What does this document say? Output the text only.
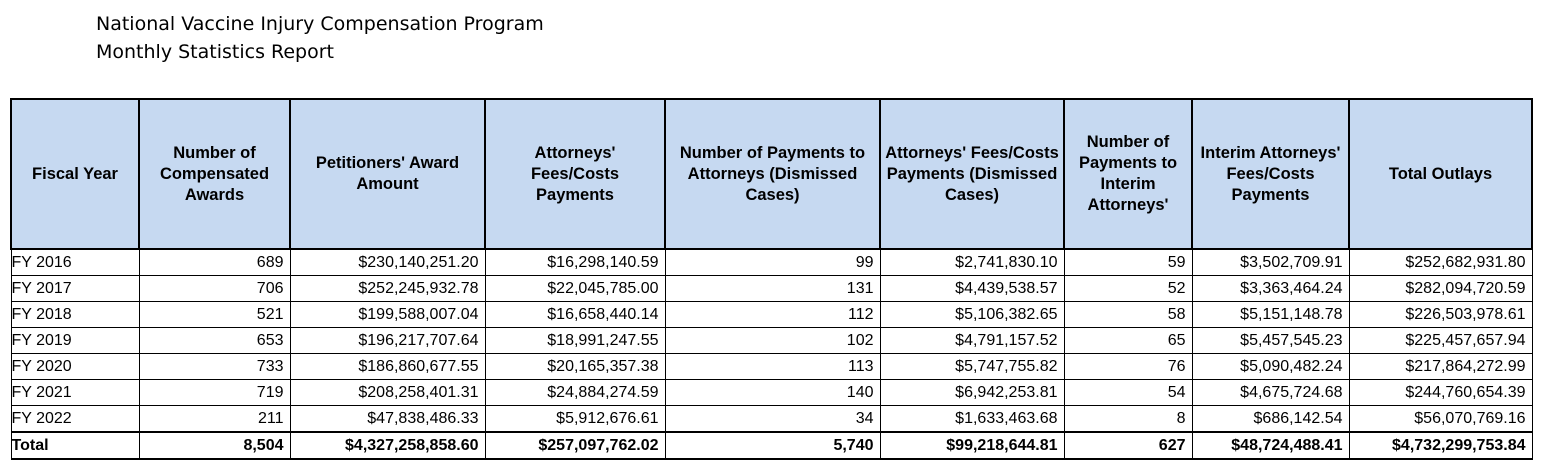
National Vaccine Injury Compensation Program
Monthly Statistics Report
Fiscal Year	Number of Compensated Awards	Petitioners' Award Amount	Attorneys' Fees/Costs Payments	Number of Payments to Attorneys (Dismissed Cases)	Attorneys' Fees/Costs Payments (Dismissed Cases)	Number of Payments to Interim Attorneys'	Interim Attorneys' Fees/Costs Payments	Total Outlays
FY 2016	689	$230,140,251.20	$16,298,140.59	99	$2,741,830.10	59	$3,502,709.91	$252,682,931.80
FY 2017	706	$252,245,932.78	$22,045,785.00	131	$4,439,538.57	52	$3,363,464.24	$282,094,720.59
FY 2018	521	$199,588,007.04	$16,658,440.14	112	$5,106,382.65	58	$5,151,148.78	$226,503,978.61
FY 2019	653	$196,217,707.64	$18,991,247.55	102	$4,791,157.52	65	$5,457,545.23	$225,457,657.94
FY 2020	733	$186,860,677.55	$20,165,357.38	113	$5,747,755.82	76	$5,090,482.24	$217,864,272.99
FY 2021	719	$208,258,401.31	$24,884,274.59	140	$6,942,253.81	54	$4,675,724.68	$244,760,654.39
FY 2022	211	$47,838,486.33	$5,912,676.61	34	$1,633,463.68	8	$686,142.54	$56,070,769.16
Total	8,504	$4,327,258,858.60	$257,097,762.02	5,740	$99,218,644.81	627	$48,724,488.41	$4,732,299,753.84
